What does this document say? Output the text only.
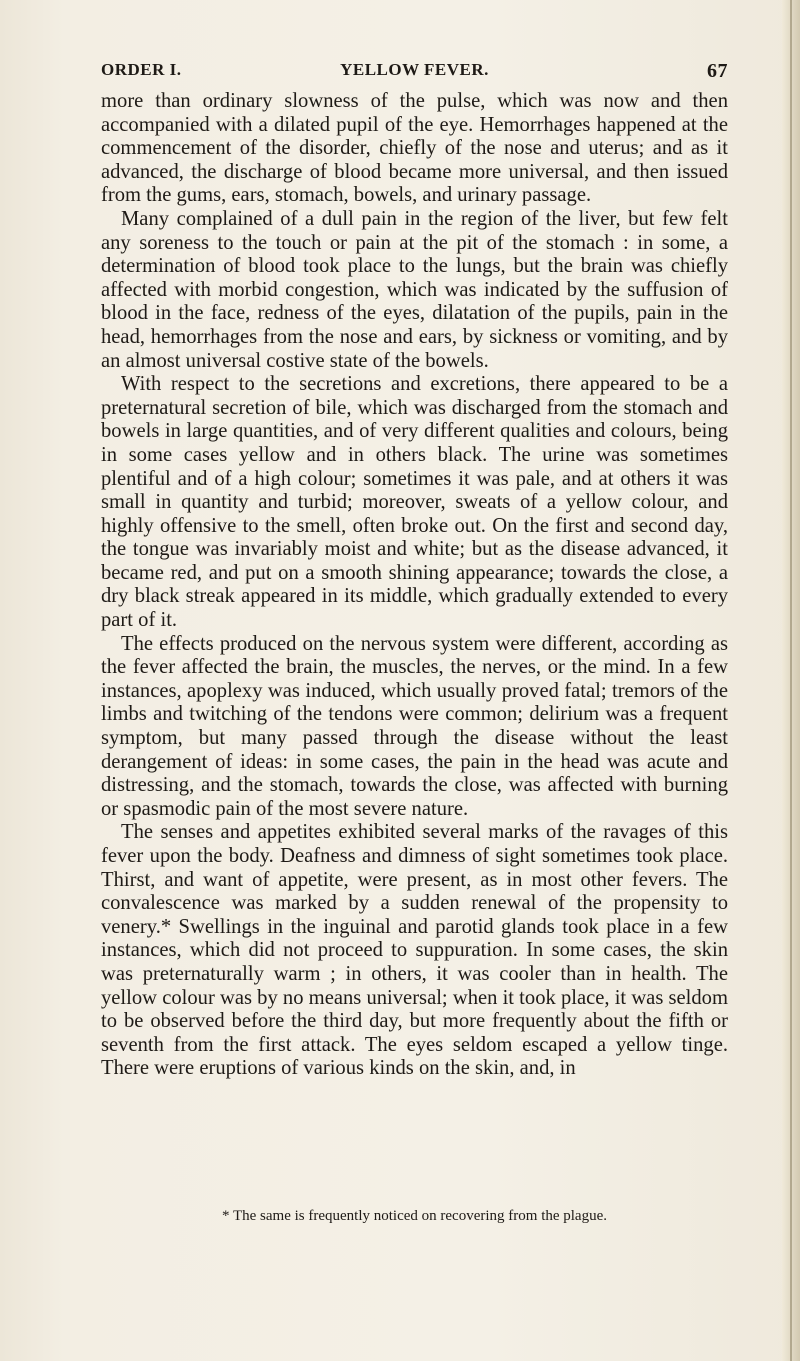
ORDER I.	YELLOW FEVER.	67

more than ordinary slowness of the pulse, which was now and then accompanied with a dilated pupil of the eye. Hemorrhages happened at the commencement of the disorder, chiefly of the nose and uterus; and as it advanced, the discharge of blood became more universal, and then issued from the gums, ears, stomach, bowels, and urinary passage.

Many complained of a dull pain in the region of the liver, but few felt any soreness to the touch or pain at the pit of the stomach : in some, a determination of blood took place to the lungs, but the brain was chiefly affected with morbid congestion, which was indicated by the suffusion of blood in the face, redness of the eyes, dilatation of the pupils, pain in the head, hemorrhages from the nose and ears, by sickness or vomiting, and by an almost universal costive state of the bowels.

With respect to the secretions and excretions, there appeared to be a preternatural secretion of bile, which was discharged from the stomach and bowels in large quantities, and of very different qualities and colours, being in some cases yellow and in others black. The urine was sometimes plentiful and of a high colour; sometimes it was pale, and at others it was small in quantity and turbid; moreover, sweats of a yellow colour, and highly offensive to the smell, often broke out. On the first and second day, the tongue was invariably moist and white; but as the disease advanced, it became red, and put on a smooth shining appearance; towards the close, a dry black streak appeared in its middle, which gradually extended to every part of it.

The effects produced on the nervous system were different, according as the fever affected the brain, the muscles, the nerves, or the mind. In a few instances, apoplexy was induced, which usually proved fatal; tremors of the limbs and twitching of the tendons were common; delirium was a frequent symptom, but many passed through the disease without the least derangement of ideas: in some cases, the pain in the head was acute and distressing, and the stomach, towards the close, was affected with burning or spasmodic pain of the most severe nature.

The senses and appetites exhibited several marks of the ravages of this fever upon the body. Deafness and dimness of sight sometimes took place. Thirst, and want of appetite, were present, as in most other fevers. The convalescence was marked by a sudden renewal of the propensity to venery.* Swellings in the inguinal and parotid glands took place in a few instances, which did not proceed to suppuration. In some cases, the skin was preternaturally warm ; in others, it was cooler than in health. The yellow colour was by no means universal; when it took place, it was seldom to be observed before the third day, but more frequently about the fifth or seventh from the first attack. The eyes seldom escaped a yellow tinge. There were eruptions of various kinds on the skin, and, in

* The same is frequently noticed on recovering from the plague.
